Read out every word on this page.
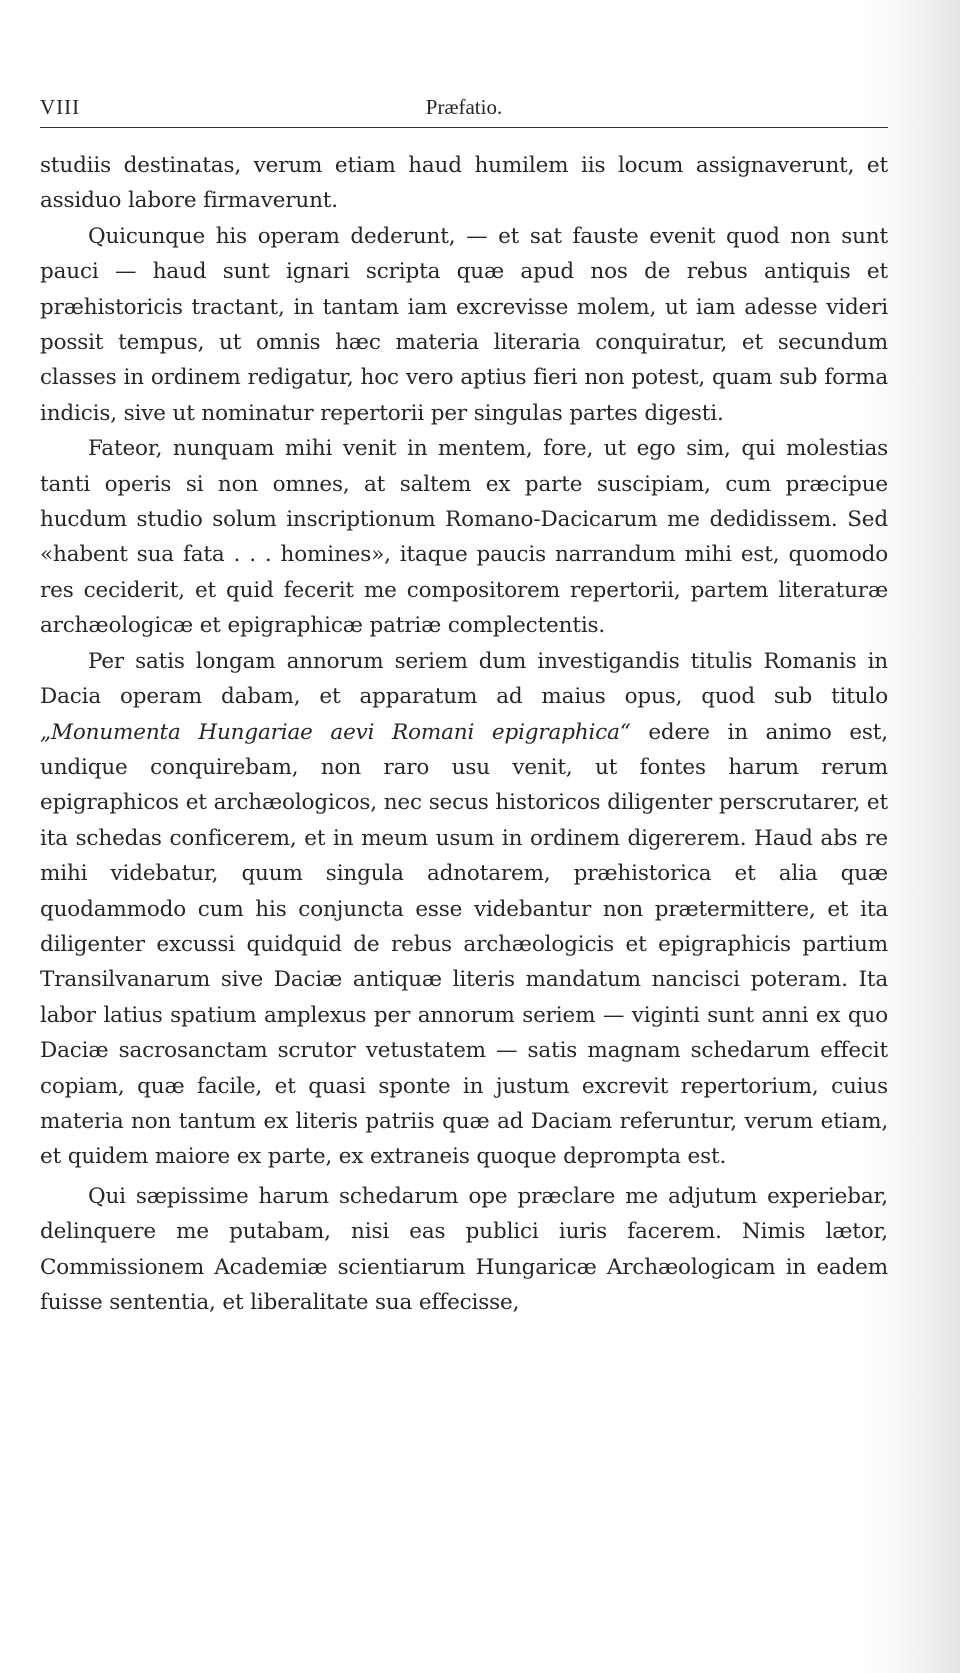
VIII	Præfatio.

studiis destinatas, verum etiam haud humilem iis locum assignaverunt, et assiduo labore firmaverunt.

Quicunque his operam dederunt, — et sat fauste evenit quod non sunt pauci — haud sunt ignari scripta quæ apud nos de rebus antiquis et præhistoricis tractant, in tantam iam excrevisse molem, ut iam adesse videri possit tempus, ut omnis hæc materia literaria conquiratur, et secundum classes in ordinem redigatur, hoc vero aptius fieri non potest, quam sub forma indicis, sive ut nominatur repertorii per singulas partes digesti.

Fateor, nunquam mihi venit in mentem, fore, ut ego sim, qui molestias tanti operis si non omnes, at saltem ex parte suscipiam, cum præcipue hucdum studio solum inscriptionum Romano-Dacicarum me dedidissem. Sed «habent sua fata . . . homines», itaque paucis narrandum mihi est, quomodo res ceciderit, et quid fecerit me compositorem repertorii, partem literaturæ archæologicæ et epigraphicæ patriæ complectentis.

Per satis longam annorum seriem dum investigandis titulis Romanis in Dacia operam dabam, et apparatum ad maius opus, quod sub titulo „Monumenta Hungariae aevi Romani epigraphica“ edere in animo est, undique conquirebam, non raro usu venit, ut fontes harum rerum epigraphicos et archæologicos, nec secus historicos diligenter perscrutarer, et ita schedas conficerem, et in meum usum in ordinem digererem. Haud abs re mihi videbatur, quum singula adnotarem, præhistorica et alia quæ quodammodo cum his conjuncta esse videbantur non prætermittere, et ita diligenter excussi quidquid de rebus archæologicis et epigraphicis partium Transilvanarum sive Daciæ antiquæ literis mandatum nancisci poteram. Ita labor latius spatium amplexus per annorum seriem — viginti sunt anni ex quo Daciæ sacrosanctam scrutor vetustatem — satis magnam schedarum effecit copiam, quæ facile, et quasi sponte in justum excrevit repertorium, cuius materia non tantum ex literis patriis quæ ad Daciam referuntur, verum etiam, et quidem maiore ex parte, ex extraneis quoque deprompta est.

Qui sæpissime harum schedarum ope præclare me adjutum experiebar, delinquere me putabam, nisi eas publici iuris facerem. Nimis lætor, Commissionem Academiæ scientiarum Hungaricæ Archæologicam in eadem fuisse sententia, et liberalitate sua effecisse,
